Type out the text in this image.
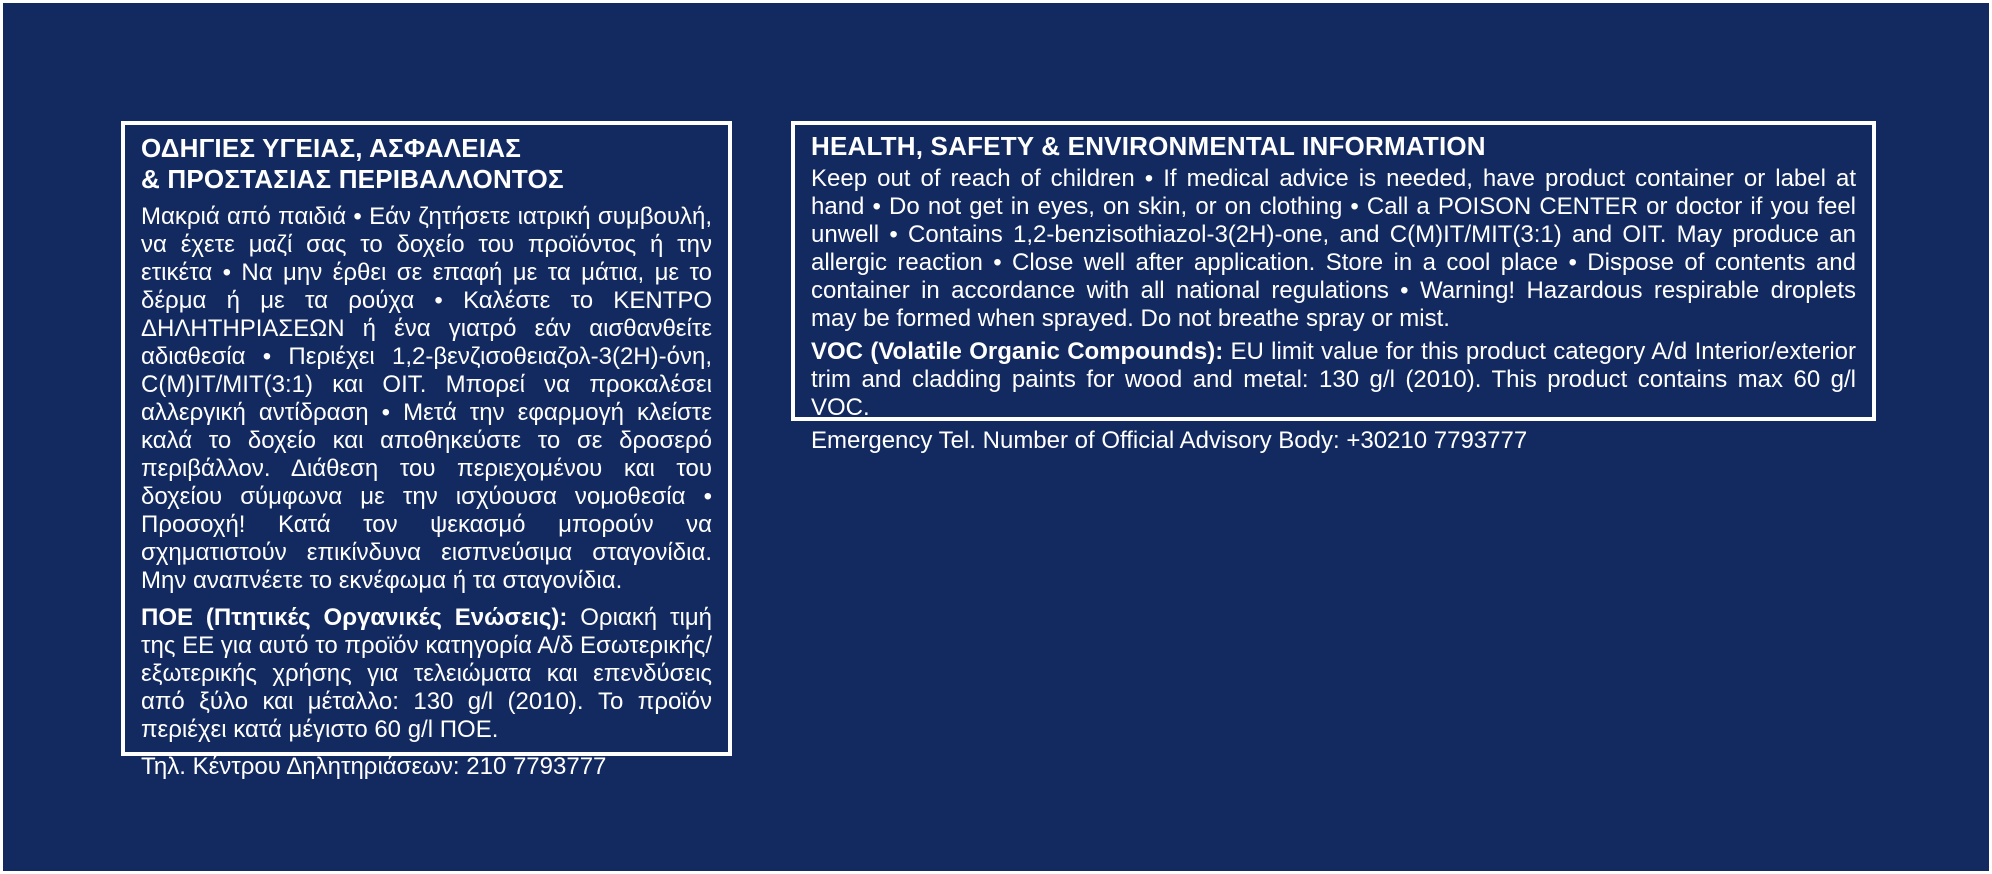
ΟΔΗΓΙΕΣ ΥΓΕΙΑΣ, ΑΣΦΑΛΕΙΑΣ
& ΠΡΟΣΤΑΣΙΑΣ ΠΕΡΙΒΑΛΛΟΝΤΟΣ

Μακριά από παιδιά • Εάν ζητήσετε ιατρική συμβουλή, να έχετε μαζί σας το δοχείο του προϊόντος ή την ετικέτα • Να μην έρθει σε επαφή με τα μάτια, με το δέρμα ή με τα ρούχα • Καλέστε το ΚΕΝΤΡΟ ΔΗΛΗΤΗΡΙΑΣΕΩΝ ή ένα γιατρό εάν αισθανθείτε αδιαθεσία • Περιέχει 1,2-βενζισοθειαζολ-3(2H)-όνη, C(M)IT/MIT(3:1) και OIT. Μπορεί να προκαλέσει αλλεργική αντίδραση • Μετά την εφαρμογή κλείστε καλά το δοχείο και αποθηκεύστε το σε δροσερό περιβάλλον. Διάθεση του περιεχομένου και του δοχείου σύμφωνα με την ισχύουσα νομοθεσία • Προσοχή! Κατά τον ψεκασμό μπορούν να σχηματιστούν επικίνδυνα εισπνεύσιμα σταγονίδια. Μην αναπνέετε το εκνέφωμα ή τα σταγονίδια.

ΠΟΕ (Πτητικές Οργανικές Ενώσεις): Οριακή τιμή της ΕΕ για αυτό το προϊόν κατηγορία Α/δ Εσωτερικής/εξωτερικής χρήσης για τελειώματα και επενδύσεις από ξύλο και μέταλλο: 130 g/l (2010). Το προϊόν περιέχει κατά μέγιστο 60 g/l ΠΟΕ.

Τηλ. Κέντρου Δηλητηριάσεων: 210 7793777

HEALTH, SAFETY & ENVIRONMENTAL INFORMATION

Keep out of reach of children • If medical advice is needed, have product container or label at hand • Do not get in eyes, on skin, or on clothing • Call a POISON CENTER or doctor if you feel unwell • Contains 1,2-benzisothiazol-3(2H)-one, and C(M)IT/MIT(3:1) and OIT. May produce an allergic reaction • Close well after application. Store in a cool place • Dispose of contents and container in accordance with all national regulations • Warning! Hazardous respirable droplets may be formed when sprayed. Do not breathe spray or mist.

VOC (Volatile Organic Compounds): EU limit value for this product category A/d Interior/exterior trim and cladding paints for wood and metal: 130 g/l (2010). This product contains max 60 g/l VOC.

Emergency Tel. Number of Official Advisory Body: +30210 7793777
